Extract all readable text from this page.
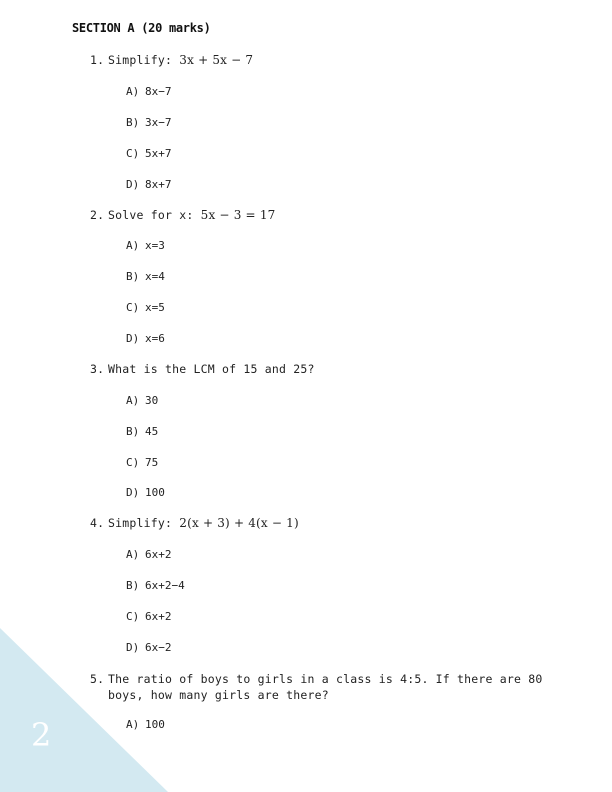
2
SECTION A (20 marks)
1. Simplify: 3x + 5x − 7
A) 8x−7
B) 3x−7
C) 5x+7
D) 8x+7
2. Solve for x: 5x − 3 = 17
A) x=3
B) x=4
C) x=5
D) x=6
3. What is the LCM of 15 and 25?
A) 30
B) 45
C) 75
D) 100
4. Simplify: 2(x + 3) + 4(x − 1)
A) 6x+2
B) 6x+2−4
C) 6x+2
D) 6x−2
5. The ratio of boys to girls in a class is 4:5. If there are 80
boys, how many girls are there?
A) 100
